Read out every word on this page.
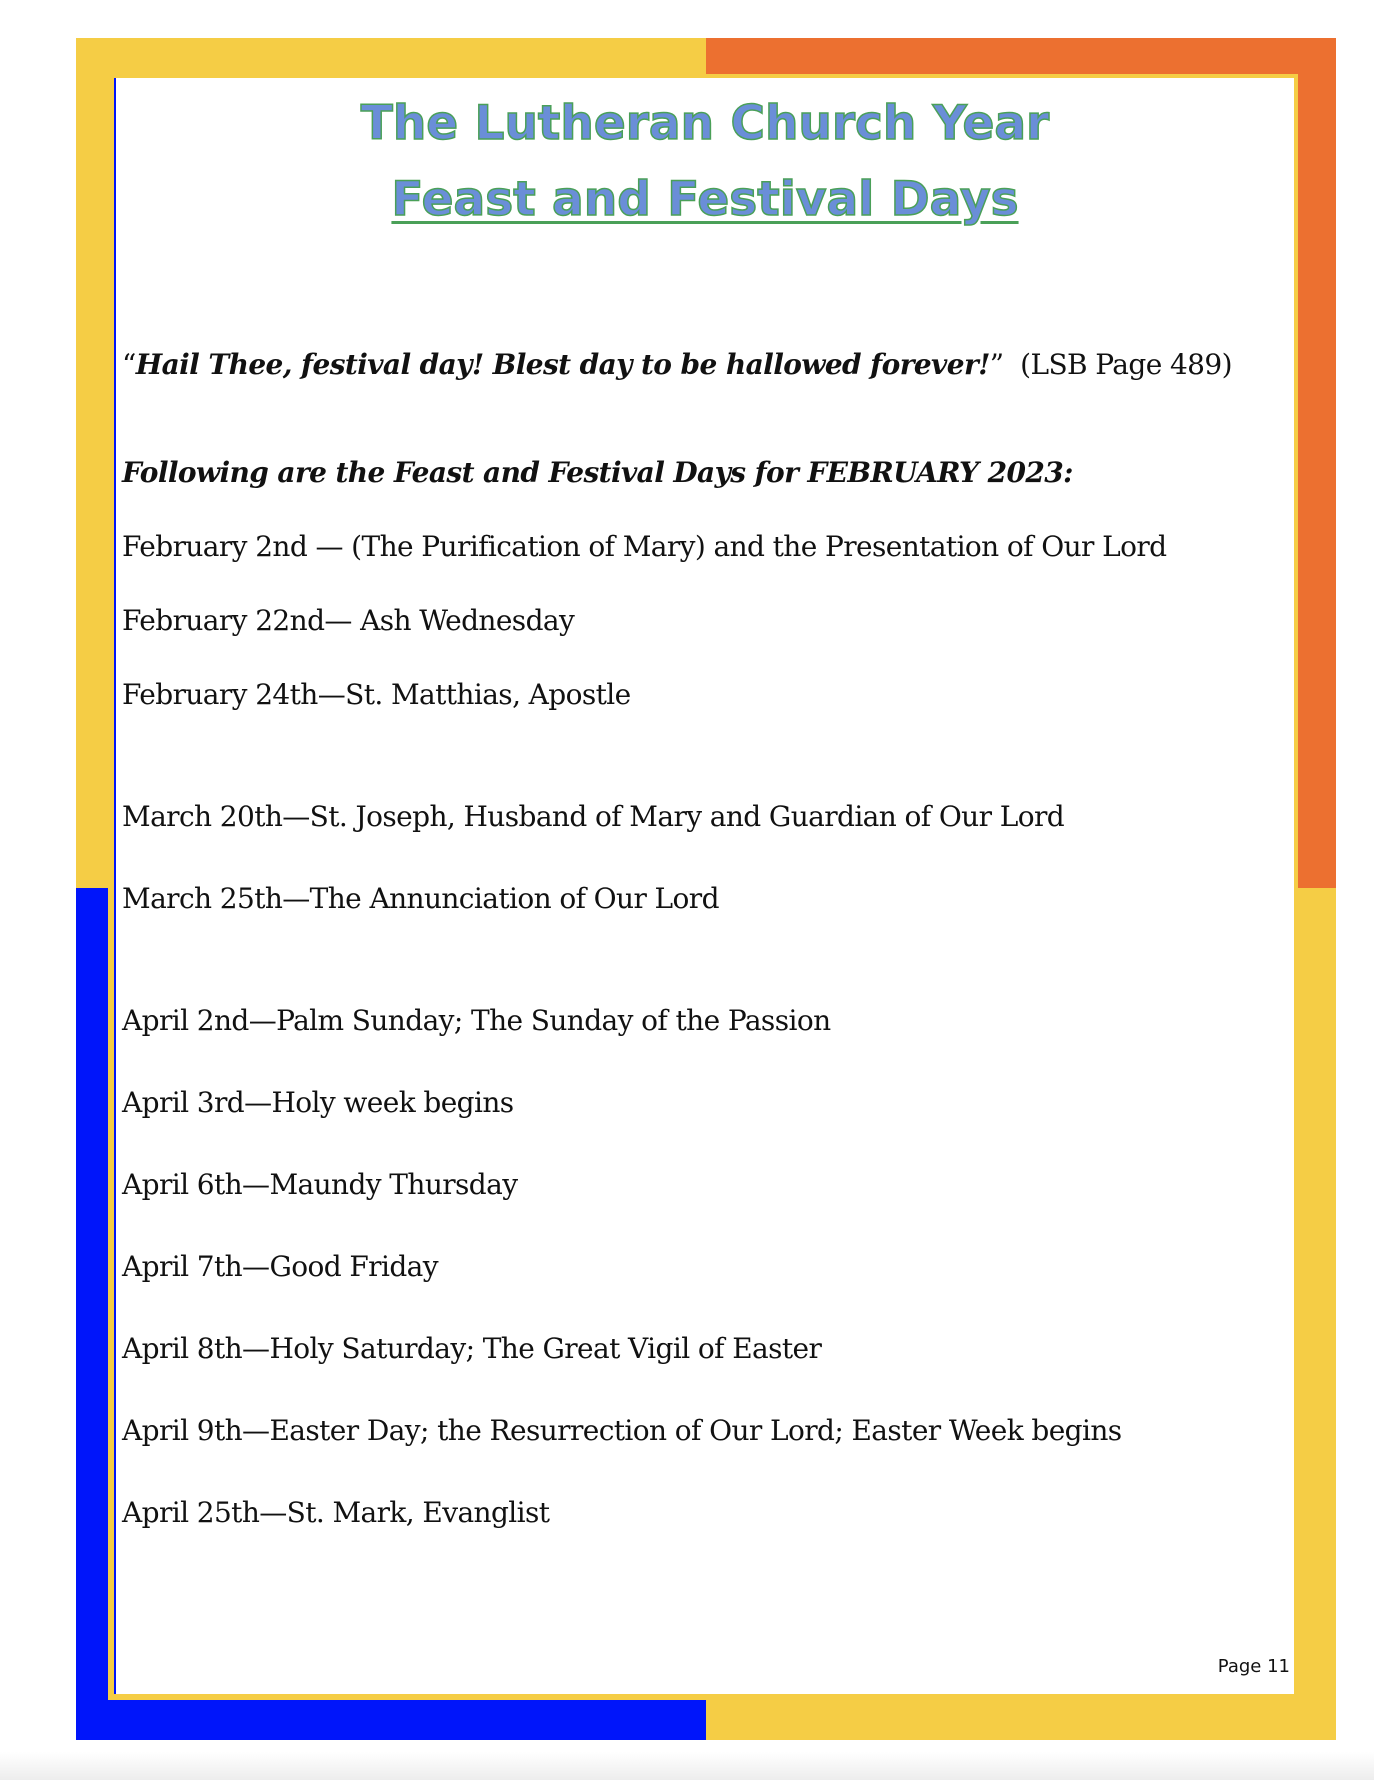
The Lutheran Church Year
Feast and Festival Days
“Hail Thee, festival day! Blest day to be hallowed forever!” (LSB Page 489)
Following are the Feast and Festival Days for FEBRUARY 2023:
February 2nd — (The Purification of Mary) and the Presentation of Our Lord
February 22nd— Ash Wednesday
February 24th—St. Matthias, Apostle
March 20th—St. Joseph, Husband of Mary and Guardian of Our Lord
March 25th—The Annunciation of Our Lord
April 2nd—Palm Sunday; The Sunday of the Passion
April 3rd—Holy week begins
April 6th—Maundy Thursday
April 7th—Good Friday
April 8th—Holy Saturday; The Great Vigil of Easter
April 9th—Easter Day; the Resurrection of Our Lord; Easter Week begins
April 25th—St. Mark, Evanglist
Page 11
